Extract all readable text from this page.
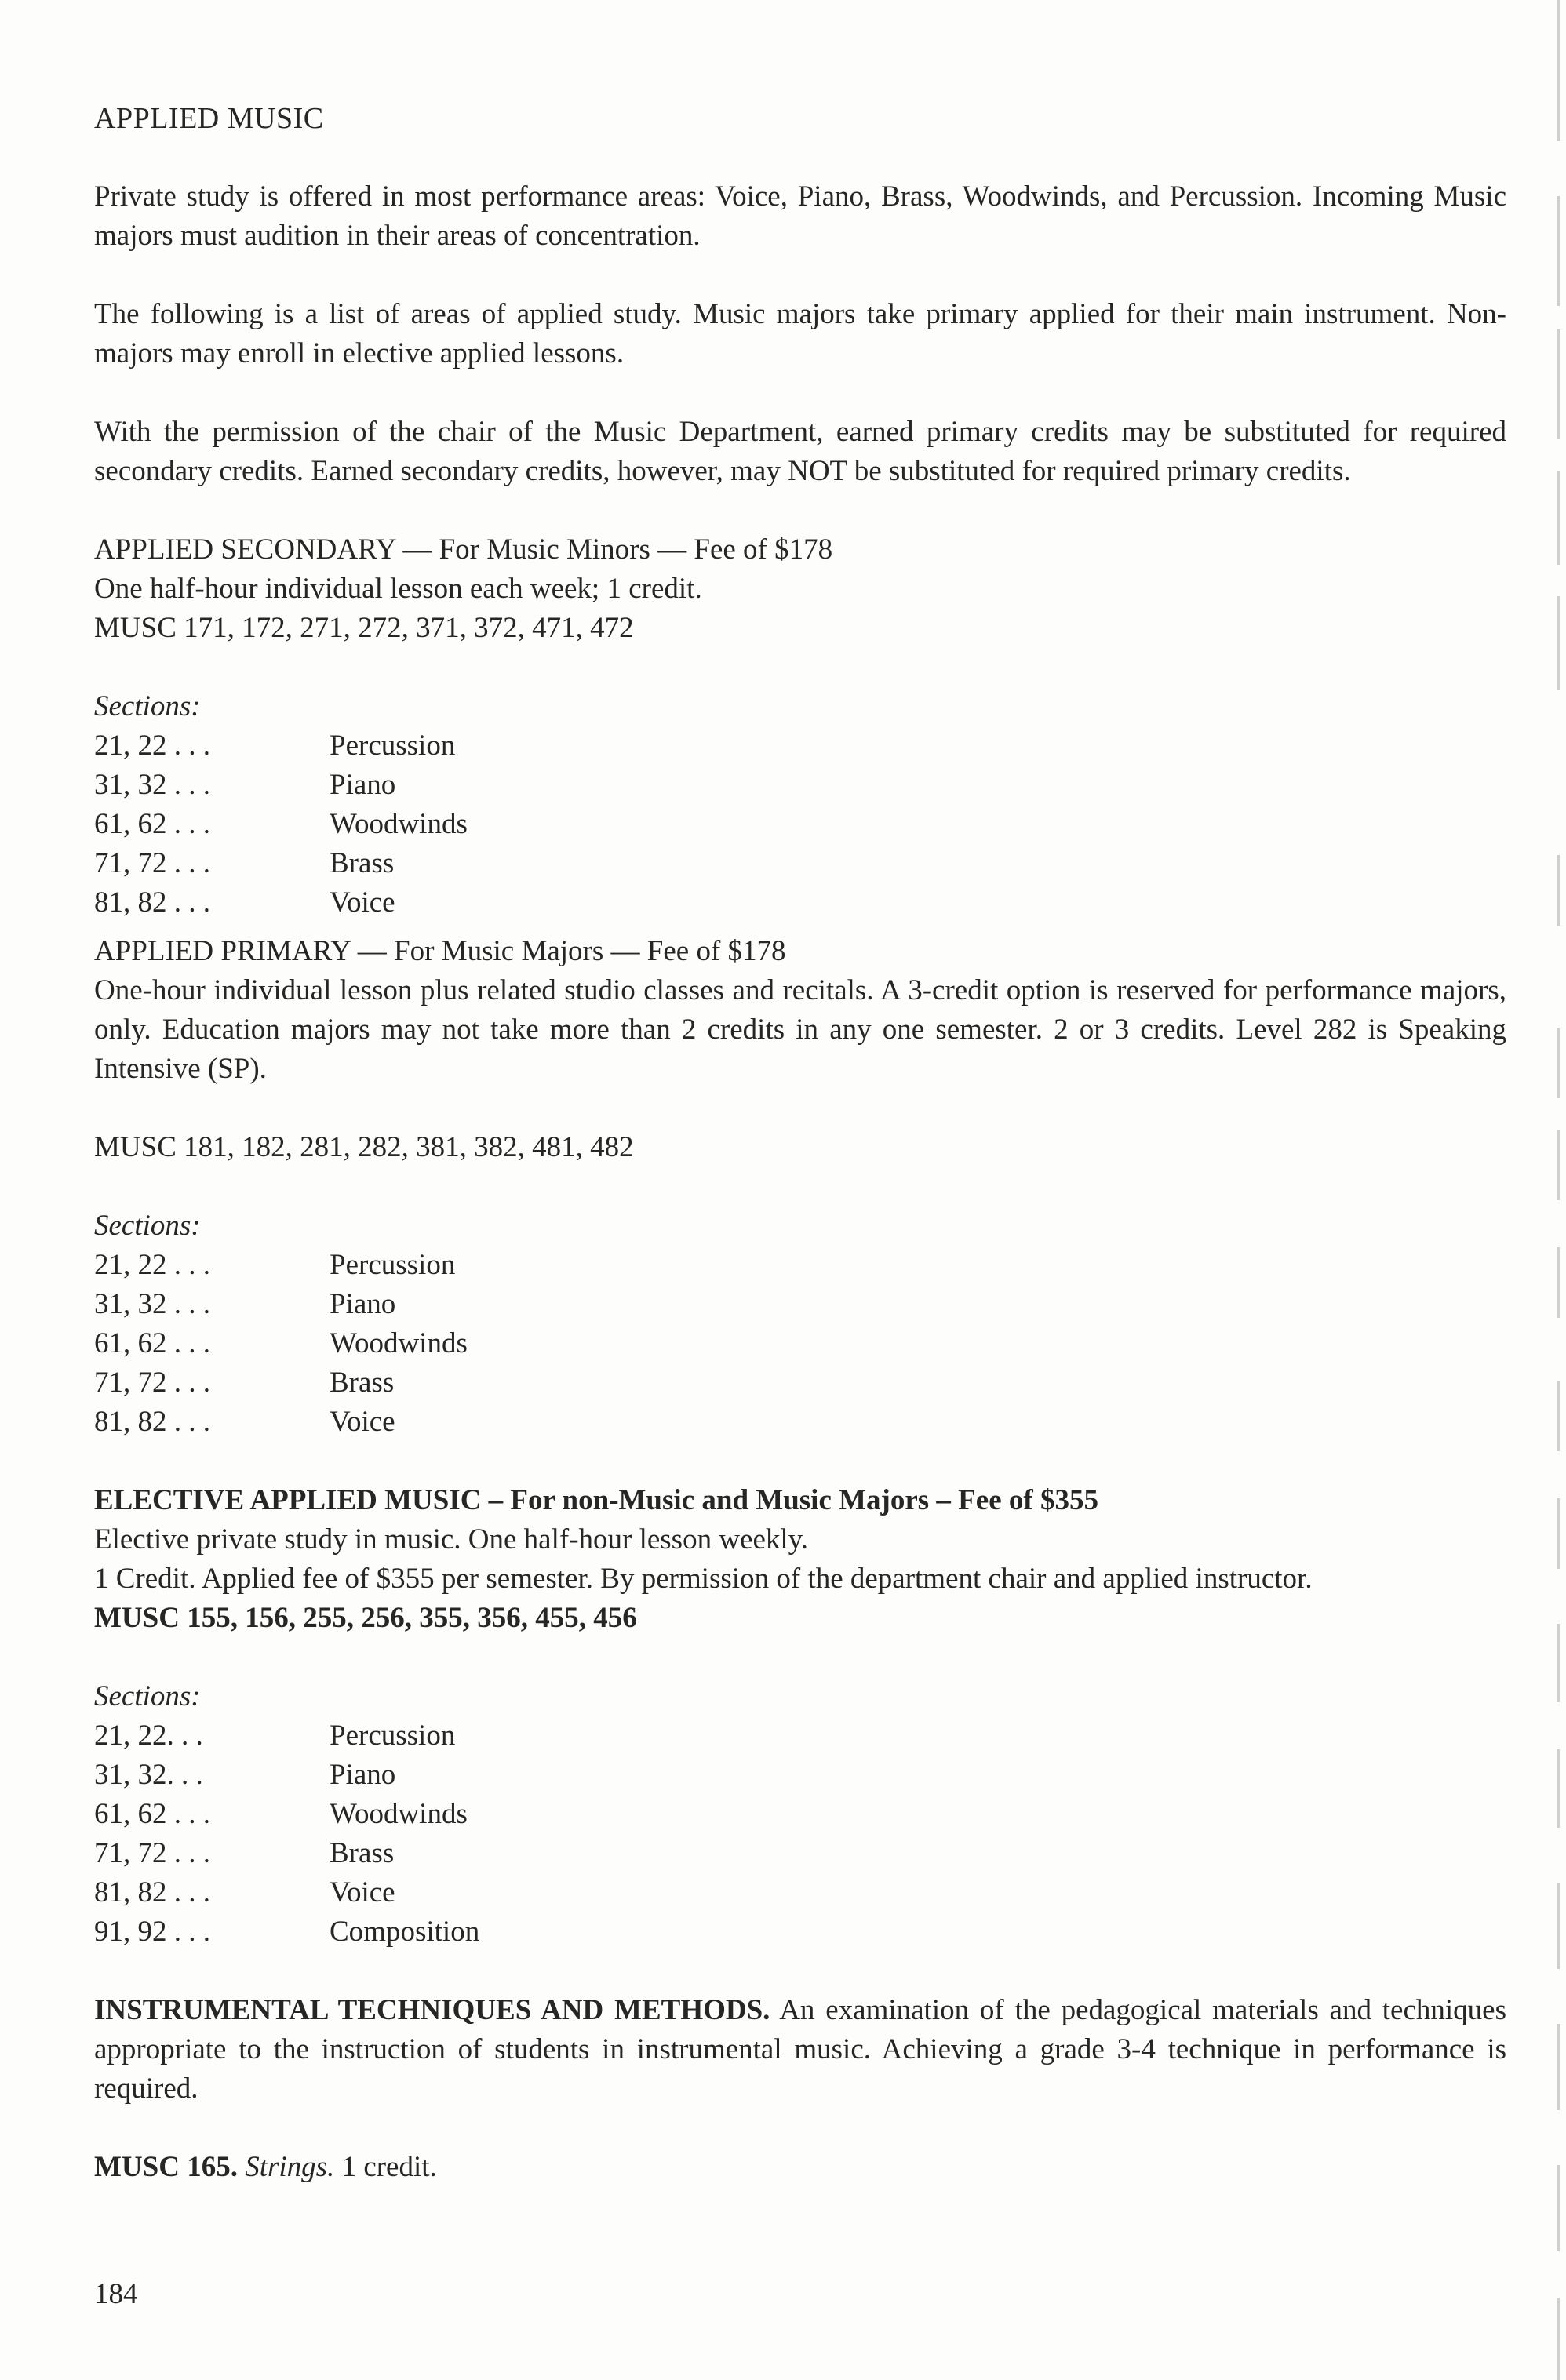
APPLIED MUSIC

Private study is offered in most performance areas: Voice, Piano, Brass, Woodwinds, and Percussion. Incoming Music majors must audition in their areas of concentration.

The following is a list of areas of applied study. Music majors take primary applied for their main instrument. Non-majors may enroll in elective applied lessons.

With the permission of the chair of the Music Department, earned primary credits may be substituted for required secondary credits. Earned secondary credits, however, may NOT be substituted for required primary credits.

APPLIED SECONDARY — For Music Minors — Fee of $178

One half-hour individual lesson each week; 1 credit.

MUSC 171, 172, 271, 272, 371, 372, 471, 472

Sections:

21, 22 . . .	Percussion
31, 32 . . .	Piano
61, 62 . . .	Woodwinds
71, 72 . . .	Brass
81, 82 . . .	Voice

APPLIED PRIMARY — For Music Majors — Fee of $178

One-hour individual lesson plus related studio classes and recitals. A 3-credit option is reserved for performance majors, only. Education majors may not take more than 2 credits in any one semester. 2 or 3 credits. Level 282 is Speaking Intensive (SP).

MUSC 181, 182, 281, 282, 381, 382, 481, 482

Sections:

21, 22 . . .	Percussion
31, 32 . . .	Piano
61, 62 . . .	Woodwinds
71, 72 . . .	Brass
81, 82 . . .	Voice

ELECTIVE APPLIED MUSIC – For non-Music and Music Majors – Fee of $355

Elective private study in music. One half-hour lesson weekly.

1 Credit. Applied fee of $355 per semester. By permission of the department chair and applied instructor.

MUSC 155, 156, 255, 256, 355, 356, 455, 456

Sections:

21, 22. . .	Percussion
31, 32. . .	Piano
61, 62 . . .	Woodwinds
71, 72 . . .	Brass
81, 82 . . .	Voice
91, 92 . . .	Composition

INSTRUMENTAL TECHNIQUES AND METHODS. An examination of the pedagogical materials and techniques appropriate to the instruction of students in instrumental music. Achieving a grade 3-4 technique in performance is required.

MUSC 165. Strings. 1 credit.

184
